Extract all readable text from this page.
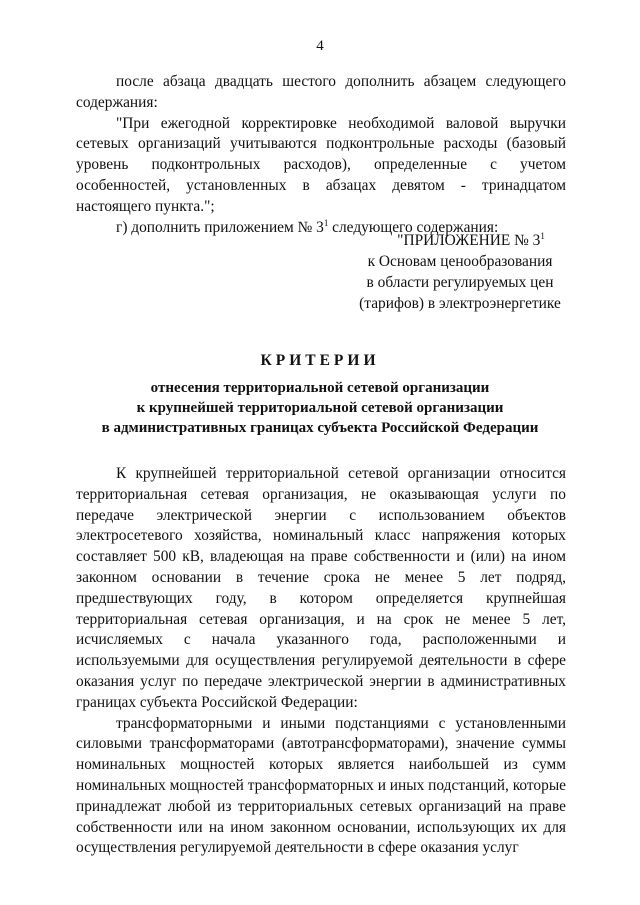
4

после абзаца двадцать шестого дополнить абзацем следующего содержания:

"При ежегодной корректировке необходимой валовой выручки сетевых организаций учитываются подконтрольные расходы (базовый уровень подконтрольных расходов), определенные с учетом особенностей, установленных в абзацах девятом - тринадцатом настоящего пункта.";

г) дополнить приложением № $3^1$ следующего содержания:

"ПРИЛОЖЕНИЕ № $3^1$
к Основам ценообразования
в области регулируемых цен
(тарифов) в электроэнергетике
КРИТЕРИИ
отнесения территориальной сетевой организации
к крупнейшей территориальной сетевой организации
в административных границах субъекта Российской Федерации

К крупнейшей территориальной сетевой организации относится территориальная сетевая организация, не оказывающая услуги по передаче электрической энергии с использованием объектов электросетевого хозяйства, номинальный класс напряжения которых составляет 500 кВ, владеющая на праве собственности и (или) на ином законном основании в течение срока не менее 5 лет подряд, предшествующих году, в котором определяется крупнейшая территориальная сетевая организация, и на срок не менее 5 лет, исчисляемых с начала указанного года, расположенными и используемыми для осуществления регулируемой деятельности в сфере оказания услуг по передаче электрической энергии в административных границах субъекта Российской Федерации:

трансформаторными и иными подстанциями с установленными силовыми трансформаторами (автотрансформаторами), значение суммы номинальных мощностей которых является наибольшей из сумм номинальных мощностей трансформаторных и иных подстанций, которые принадлежат любой из территориальных сетевых организаций на праве собственности или на ином законном основании, использующих их для осуществления регулируемой деятельности в сфере оказания услуг
